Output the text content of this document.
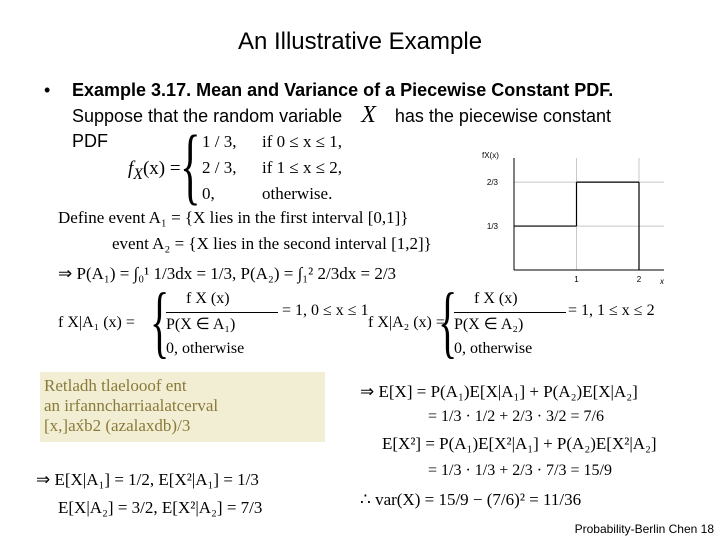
An Illustrative Example
• Example 3.17. Mean and Variance of a Piecewise Constant PDF.
Suppose that the random variable X has the piecewise constant
PDF
$f_X(x)$ = { 1 / 3, if 0 ≤ x ≤ 1,
2 / 3, if 1 ≤ x ≤ 2,
0,	otherwise.
1/3
2/3
1	2
fX(x)
x
Define event A₁ = {X lies in the first interval [0,1]}
event A₂ = {X lies in the second interval [1,2]}
⇒ P(A₁) = ∫₀¹ 1/3dx = 1/3, P(A₂) = ∫₁² 2/3dx = 2/3
f X|A₁ (x) = { f X (x)
P(X ∈ A₁)
= 1, 0 ≤ x ≤ 1
0, otherwise
f X|A₂ (x) =
{ f X (x)
P(X ∈ A₂)
= 1, 1 ≤ x ≤ 2
0, otherwise
Retladh tlaelooof ent
an irfanncharriaalatcerval
[x,]ax́b2 (azalaxdb)/3
⇒ E[X|A₁] = 1/2, E[X²|A₁] = 1/3
E[X|A₂] = 3/2, E[X²|A₂] = 7/3
⇒ E[X] = P(A₁)E[X|A₁] + P(A₂)E[X|A₂]
= 1/3 · 1/2 + 2/3 · 3/2 = 7/6
E[X²] = P(A₁)E[X²|A₁] + P(A₂)E[X²|A₂]
= 1/3 · 1/3 + 2/3 · 7/3 = 15/9
∴ var(X) = 15/9 − (7/6)² = 11/36
Probability-Berlin Chen 18
